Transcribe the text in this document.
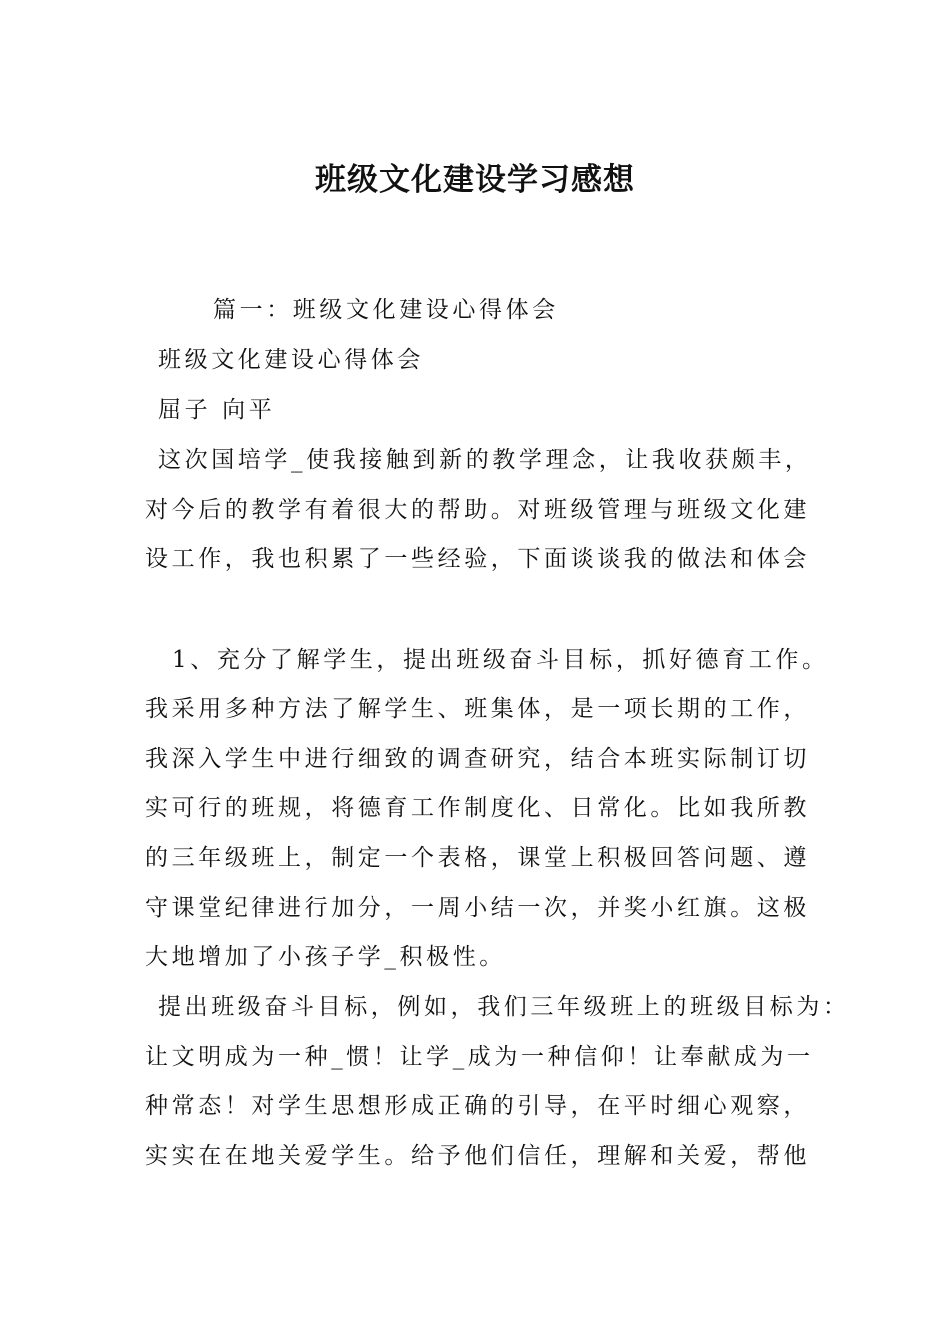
班级文化建设学习感想

篇一：班级文化建设心得体会

班级文化建设心得体会

屈子 向平

这次国培学_使我接触到新的教学理念，让我收获颇丰，

对今后的教学有着很大的帮助。对班级管理与班级文化建

设工作，我也积累了一些经验，下面谈谈我的做法和体会

1、充分了解学生，提出班级奋斗目标，抓好德育工作。

我采用多种方法了解学生、班集体，是一项长期的工作，

我深入学生中进行细致的调查研究，结合本班实际制订切

实可行的班规，将德育工作制度化、日常化。比如我所教

的三年级班上，制定一个表格，课堂上积极回答问题、遵

守课堂纪律进行加分，一周小结一次，并奖小红旗。这极

大地增加了小孩子学_积极性。

提出班级奋斗目标，例如，我们三年级班上的班级目标为：

让文明成为一种_惯！让学_成为一种信仰！让奉献成为一

种常态！对学生思想形成正确的引导，在平时细心观察，

实实在在地关爱学生。给予他们信任，理解和关爱，帮他
